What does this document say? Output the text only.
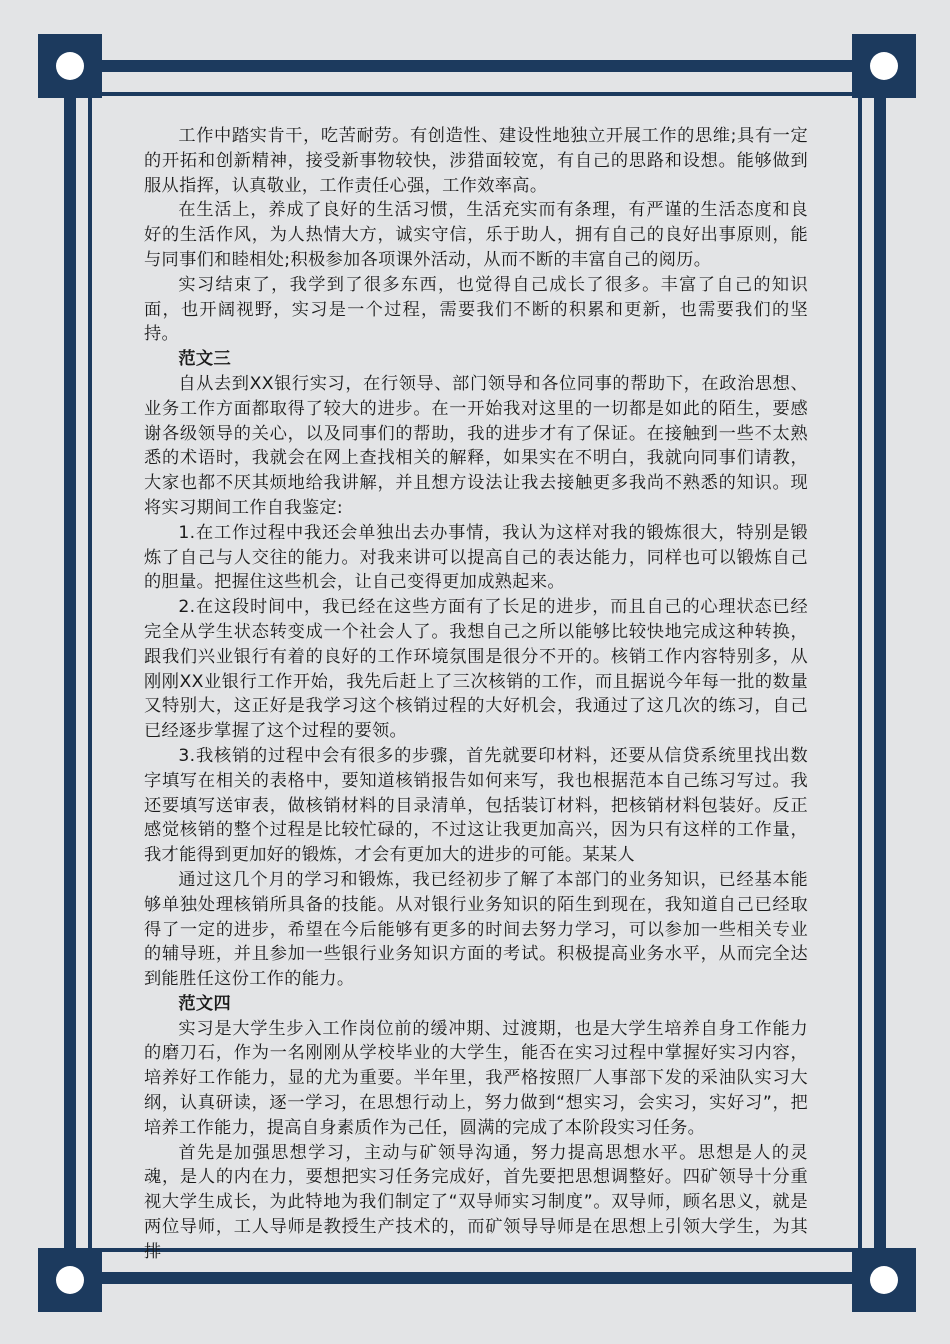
工作中踏实肯干，吃苦耐劳。有创造性、建设性地独立开展工作的思维;具有一定的开拓和创新精神，接受新事物较快，涉猎面较宽，有自己的思路和设想。能够做到服从指挥，认真敬业，工作责任心强，工作效率高。

在生活上，养成了良好的生活习惯，生活充实而有条理，有严谨的生活态度和良好的生活作风，为人热情大方，诚实守信，乐于助人，拥有自己的良好出事原则，能与同事们和睦相处;积极参加各项课外活动，从而不断的丰富自己的阅历。

实习结束了，我学到了很多东西，也觉得自己成长了很多。丰富了自己的知识面，也开阔视野，实习是一个过程，需要我们不断的积累和更新，也需要我们的坚持。

范文三

自从去到XX银行实习，在行领导、部门领导和各位同事的帮助下，在政治思想、业务工作方面都取得了较大的进步。在一开始我对这里的一切都是如此的陌生，要感谢各级领导的关心，以及同事们的帮助，我的进步才有了保证。在接触到一些不太熟悉的术语时，我就会在网上查找相关的解释，如果实在不明白，我就向同事们请教，大家也都不厌其烦地给我讲解，并且想方设法让我去接触更多我尚不熟悉的知识。现将实习期间工作自我鉴定:

1.在工作过程中我还会单独出去办事情，我认为这样对我的锻炼很大，特别是锻炼了自己与人交往的能力。对我来讲可以提高自己的表达能力，同样也可以锻炼自己的胆量。把握住这些机会，让自己变得更加成熟起来。

2.在这段时间中，我已经在这些方面有了长足的进步，而且自己的心理状态已经完全从学生状态转变成一个社会人了。我想自己之所以能够比较快地完成这种转换，跟我们兴业银行有着的良好的工作环境氛围是很分不开的。核销工作内容特别多，从刚刚XX业银行工作开始，我先后赶上了三次核销的工作，而且据说今年每一批的数量又特别大，这正好是我学习这个核销过程的大好机会，我通过了这几次的练习，自己已经逐步掌握了这个过程的要领。

3.我核销的过程中会有很多的步骤，首先就要印材料，还要从信贷系统里找出数字填写在相关的表格中，要知道核销报告如何来写，我也根据范本自己练习写过。我还要填写送审表，做核销材料的目录清单，包括装订材料，把核销材料包装好。反正感觉核销的整个过程是比较忙碌的，不过这让我更加高兴，因为只有这样的工作量，我才能得到更加好的锻炼，才会有更加大的进步的可能。某某人

通过这几个月的学习和锻炼，我已经初步了解了本部门的业务知识，已经基本能够单独处理核销所具备的技能。从对银行业务知识的陌生到现在，我知道自己已经取得了一定的进步，希望在今后能够有更多的时间去努力学习，可以参加一些相关专业的辅导班，并且参加一些银行业务知识方面的考试。积极提高业务水平，从而完全达到能胜任这份工作的能力。

范文四

实习是大学生步入工作岗位前的缓冲期、过渡期，也是大学生培养自身工作能力的磨刀石，作为一名刚刚从学校毕业的大学生，能否在实习过程中掌握好实习内容，培养好工作能力，显的尤为重要。半年里，我严格按照厂人事部下发的采油队实习大纲，认真研读，逐一学习，在思想行动上，努力做到“想实习，会实习，实好习”，把培养工作能力，提高自身素质作为己任，圆满的完成了本阶段实习任务。

首先是加强思想学习，主动与矿领导沟通，努力提高思想水平。思想是人的灵魂，是人的内在力，要想把实习任务完成好，首先要把思想调整好。四矿领导十分重视大学生成长，为此特地为我们制定了“双导师实习制度”。双导师，顾名思义，就是两位导师，工人导师是教授生产技术的，而矿领导导师是在思想上引领大学生，为其排
